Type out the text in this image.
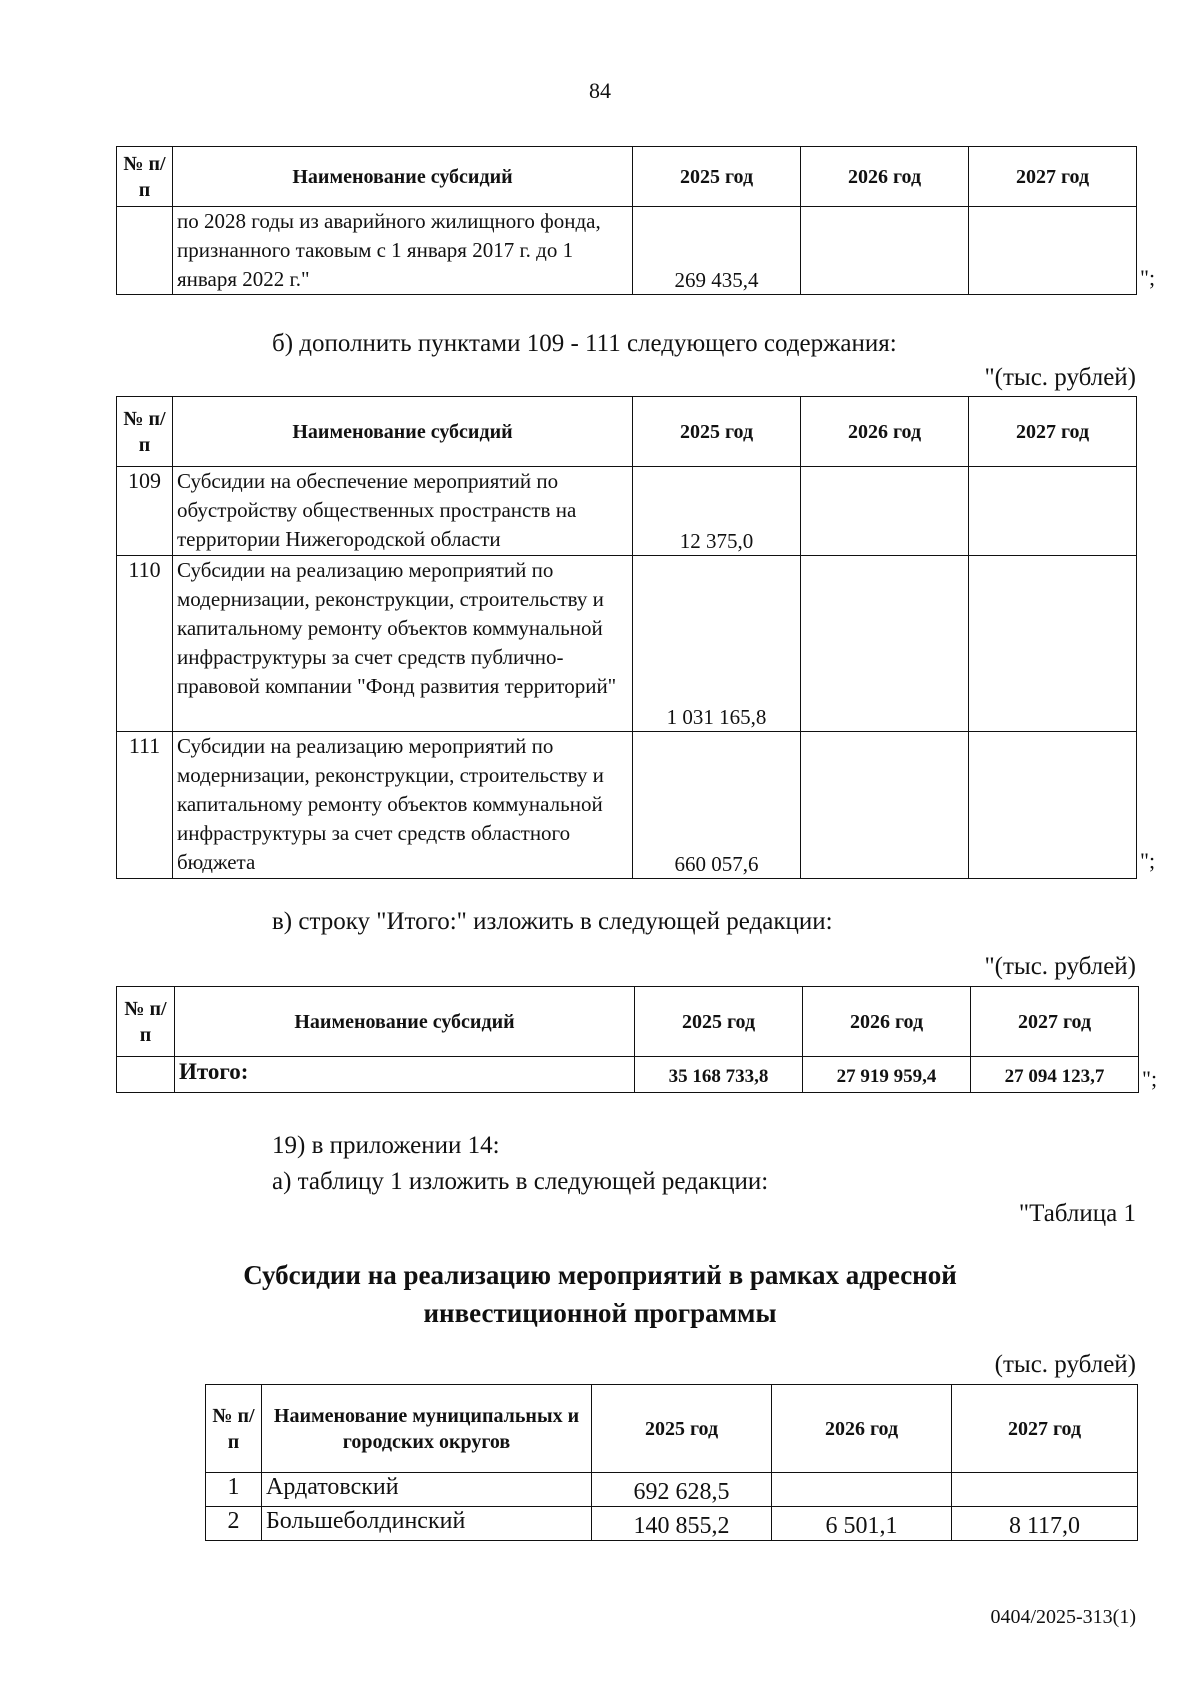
84
№ п/п	Наименование субсидий	2025 год	2026 год	2027 год
	по 2028 годы из аварийного жилищного фонда, признанного таковым с 1 января 2017 г. до 1 января 2022 г."	269 435,4			";
б) дополнить пунктами 109 - 111 следующего содержания:
"(тыс. рублей)
№ п/п	Наименование субсидий	2025 год	2026 год	2027 год
109	Субсидии на обеспечение мероприятий по обустройству общественных пространств на территории Нижегородской области	12 375,0		
110	Субсидии на реализацию мероприятий по модернизации, реконструкции, строительству и капитальному ремонту объектов коммунальной инфраструктуры за счет средств публично-правовой компании "Фонд развития территорий"	1 031 165,8		
111	Субсидии на реализацию мероприятий по модернизации, реконструкции, строительству и капитальному ремонту объектов коммунальной инфраструктуры за счет средств областного бюджета	660 057,6			";
в) строку "Итого:" изложить в следующей редакции:
"(тыс. рублей)
№ п/п	Наименование субсидий	2025 год	2026 год	2027 год
	Итого:	35 168 733,8	27 919 959,4	27 094 123,7 ";
19) в приложении 14:
а) таблицу 1 изложить в следующей редакции:
"Таблица 1
Субсидии на реализацию мероприятий в рамках адресной
инвестиционной программы
(тыс. рублей)
№ п/п	Наименование муниципальных и городских округов	2025 год	2026 год	2027 год
1	Ардатовский	692 628,5		
2	Большеболдинский	140 855,2	6 501,1	8 117,0
0404/2025-313(1)
